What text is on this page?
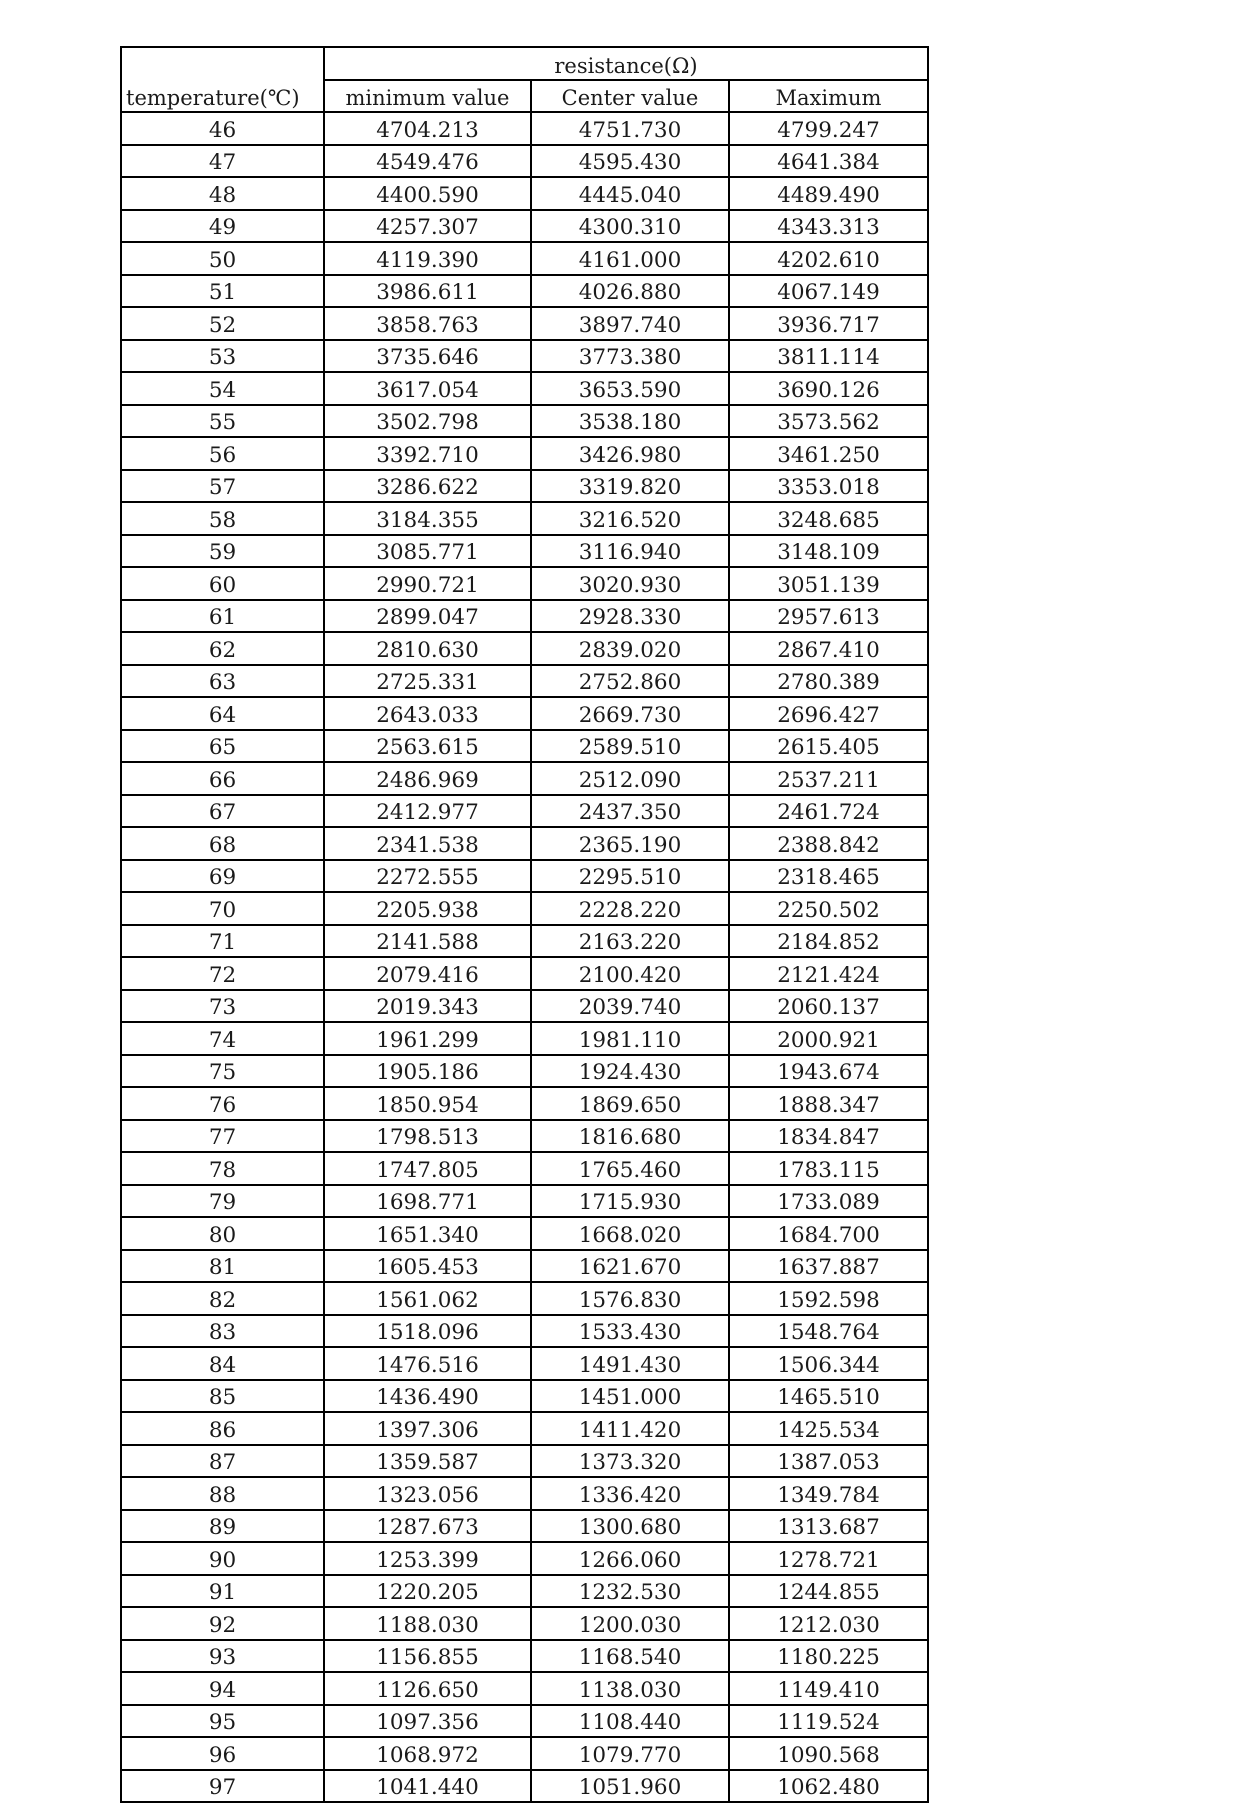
temperature(℃)	resistance(Ω)		
	minimum value	Center value	Maximum
46	4704.213	4751.730	4799.247
47	4549.476	4595.430	4641.384
48	4400.590	4445.040	4489.490
49	4257.307	4300.310	4343.313
50	4119.390	4161.000	4202.610
51	3986.611	4026.880	4067.149
52	3858.763	3897.740	3936.717
53	3735.646	3773.380	3811.114
54	3617.054	3653.590	3690.126
55	3502.798	3538.180	3573.562
56	3392.710	3426.980	3461.250
57	3286.622	3319.820	3353.018
58	3184.355	3216.520	3248.685
59	3085.771	3116.940	3148.109
60	2990.721	3020.930	3051.139
61	2899.047	2928.330	2957.613
62	2810.630	2839.020	2867.410
63	2725.331	2752.860	2780.389
64	2643.033	2669.730	2696.427
65	2563.615	2589.510	2615.405
66	2486.969	2512.090	2537.211
67	2412.977	2437.350	2461.724
68	2341.538	2365.190	2388.842
69	2272.555	2295.510	2318.465
70	2205.938	2228.220	2250.502
71	2141.588	2163.220	2184.852
72	2079.416	2100.420	2121.424
73	2019.343	2039.740	2060.137
74	1961.299	1981.110	2000.921
75	1905.186	1924.430	1943.674
76	1850.954	1869.650	1888.347
77	1798.513	1816.680	1834.847
78	1747.805	1765.460	1783.115
79	1698.771	1715.930	1733.089
80	1651.340	1668.020	1684.700
81	1605.453	1621.670	1637.887
82	1561.062	1576.830	1592.598
83	1518.096	1533.430	1548.764
84	1476.516	1491.430	1506.344
85	1436.490	1451.000	1465.510
86	1397.306	1411.420	1425.534
87	1359.587	1373.320	1387.053
88	1323.056	1336.420	1349.784
89	1287.673	1300.680	1313.687
90	1253.399	1266.060	1278.721
91	1220.205	1232.530	1244.855
92	1188.030	1200.030	1212.030
93	1156.855	1168.540	1180.225
94	1126.650	1138.030	1149.410
95	1097.356	1108.440	1119.524
96	1068.972	1079.770	1090.568
97	1041.440	1051.960	1062.480
